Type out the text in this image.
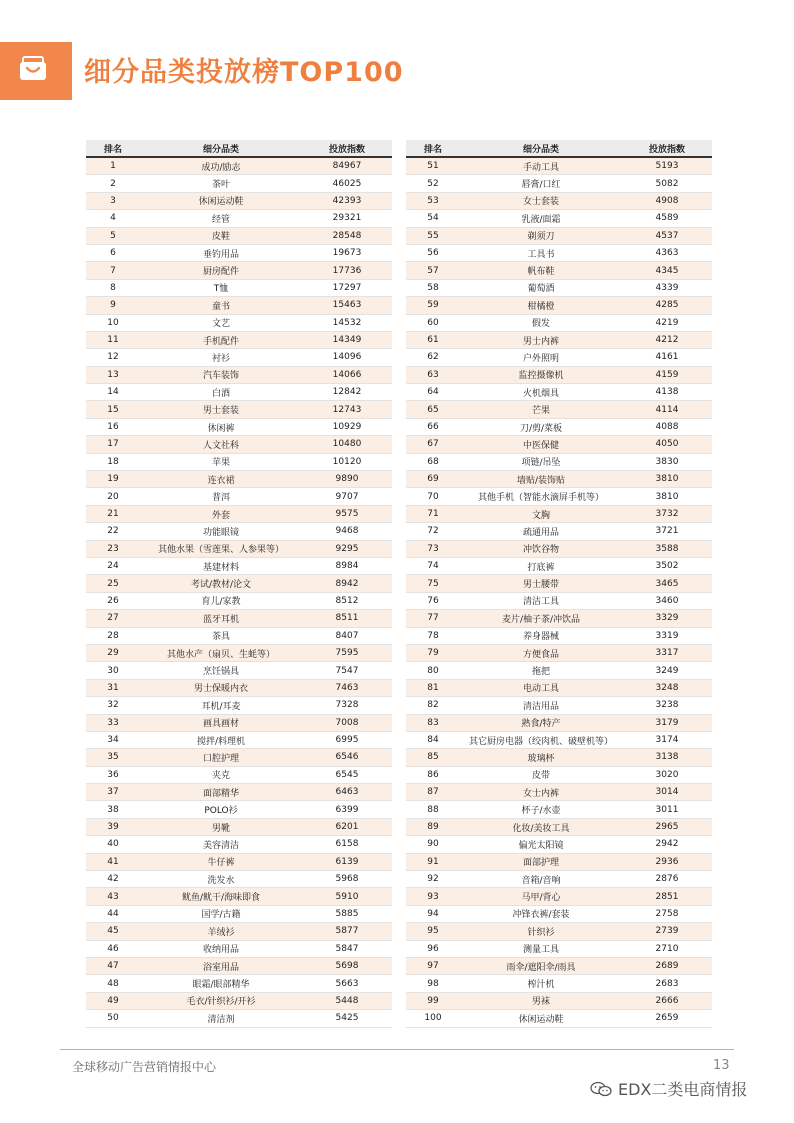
细分品类投放榜TOP100
排名	细分品类	投放指数
1	成功/励志	84967
2	茶叶	46025
3	休闲运动鞋	42393
4	经管	29321
5	皮鞋	28548
6	垂钓用品	19673
7	厨房配件	17736
8	T恤	17297
9	童书	15463
10	文艺	14532
11	手机配件	14349
12	衬衫	14096
13	汽车装饰	14066
14	白酒	12842
15	男士套装	12743
16	休闲裤	10929
17	人文社科	10480
18	苹果	10120
19	连衣裙	9890
20	普洱	9707
21	外套	9575
22	功能眼镜	9468
23	其他水果（雪莲果、人参果等）	9295
24	基建材料	8984
25	考试/教材/论文	8942
26	育儿/家教	8512
27	蓝牙耳机	8511
28	茶具	8407
29	其他水产（扇贝、生蚝等）	7595
30	烹饪锅具	7547
31	男士保暖内衣	7463
32	耳机/耳麦	7328
33	画具画材	7008
34	搅拌/料理机	6995
35	口腔护理	6546
36	夹克	6545
37	面部精华	6463
38	POLO衫	6399
39	男靴	6201
40	美容清洁	6158
41	牛仔裤	6139
42	洗发水	5968
43	鱿鱼/鱿干/海味即食	5910
44	国学/古籍	5885
45	羊绒衫	5877
46	收纳用品	5847
47	浴室用品	5698
48	眼霜/眼部精华	5663
49	毛衣/针织衫/开衫	5448
50	清洁剂	5425
排名	细分品类	投放指数
51	手动工具	5193
52	唇膏/口红	5082
53	女士套装	4908
54	乳液/面霜	4589
55	剃须刀	4537
56	工具书	4363
57	帆布鞋	4345
58	葡萄酒	4339
59	柑橘橙	4285
60	假发	4219
61	男士内裤	4212
62	户外照明	4161
63	监控摄像机	4159
64	火机烟具	4138
65	芒果	4114
66	刀/剪/菜板	4088
67	中医保健	4050
68	项链/吊坠	3830
69	墙贴/装饰贴	3810
70	其他手机（智能水滴屏手机等）	3810
71	文胸	3732
72	疏通用品	3721
73	冲饮谷物	3588
74	打底裤	3502
75	男士腰带	3465
76	清洁工具	3460
77	麦片/柚子茶/冲饮品	3329
78	养身器械	3319
79	方便食品	3317
80	拖把	3249
81	电动工具	3248
82	清洁用品	3238
83	熟食/特产	3179
84	其它厨房电器（绞肉机、破壁机等）	3174
85	玻璃杯	3138
86	皮带	3020
87	女士内裤	3014
88	杯子/水壶	3011
89	化妆/美妆工具	2965
90	偏光太阳镜	2942
91	面部护理	2936
92	音箱/音响	2876
93	马甲/背心	2851
94	冲锋衣裤/套装	2758
95	针织衫	2739
96	测量工具	2710
97	雨伞/遮阳伞/雨具	2689
98	榨汁机	2683
99	男袜	2666
100	休闲运动鞋	2659
全球移动广告营销情报中心	13
EDX二类电商情报
